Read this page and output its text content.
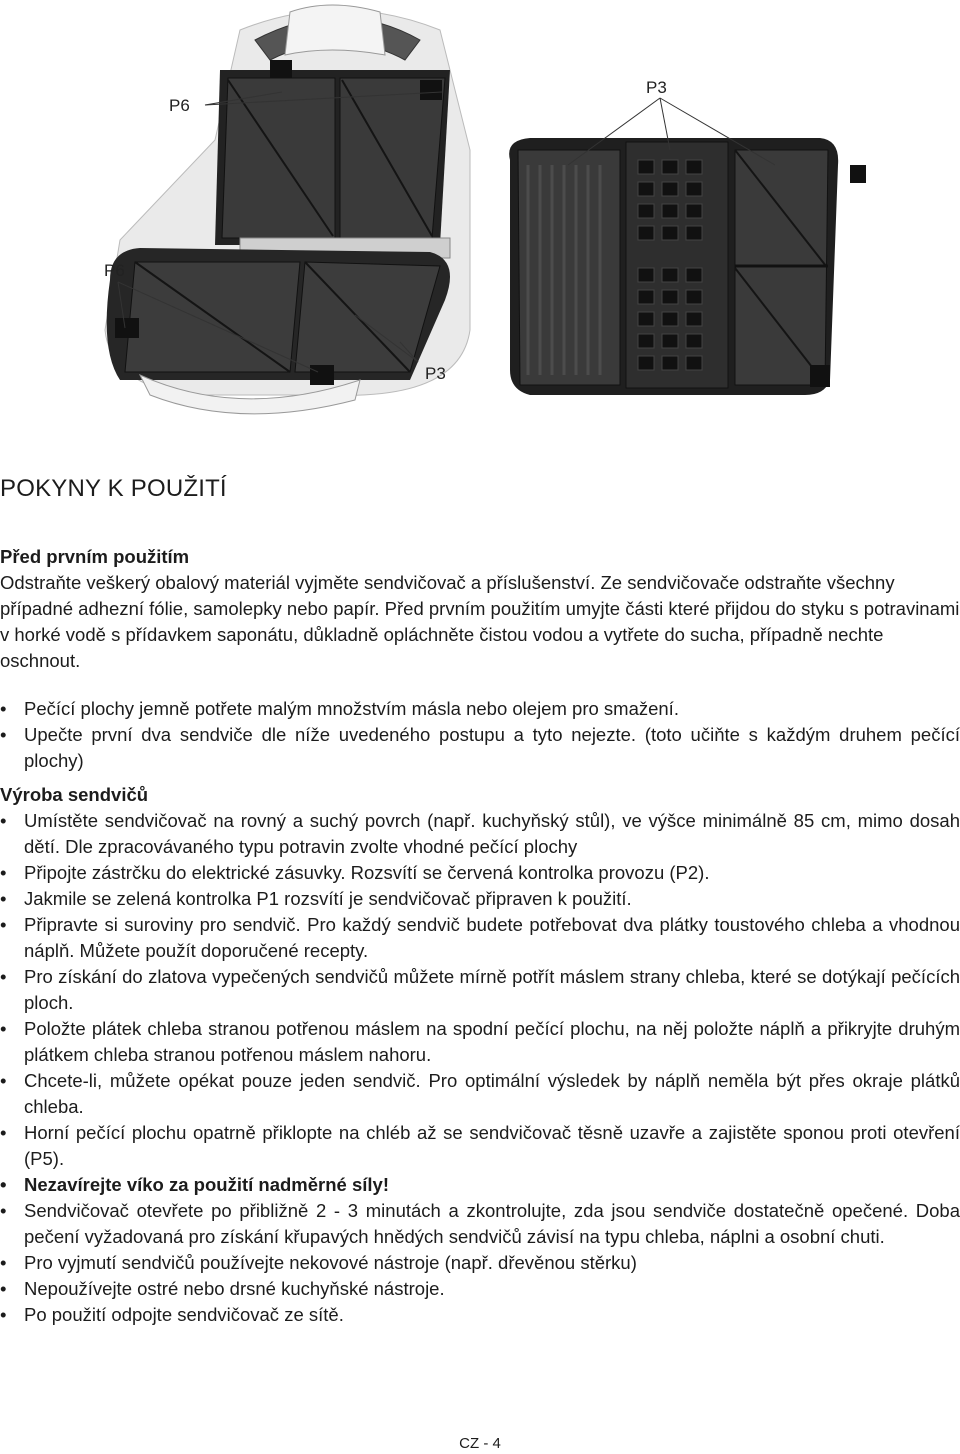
P6
P6
P3
P3
POKYNY K POUŽITÍ
Před prvním použitím

Odstraňte veškerý obalový materiál vyjměte sendvičovač a příslušenství. Ze sendvičovače odstraňte všechny případné adhezní fólie, samolepky nebo papír. Před prvním použitím umyjte části které přijdou do styku s potravinami v horké vodě s přídavkem saponátu, důkladně opláchněte čistou vodou a vytřete do sucha, případně nechte oschnout.

• Pečící plochy jemně potřete malým množstvím másla nebo olejem pro smažení.
• Upečte první dva sendviče dle níže uvedeného postupu a tyto nejezte. (toto učiňte s každým druhem pečící plochy)
Výroba sendvičů
• Umístěte sendvičovač na rovný a suchý povrch (např. kuchyňský stůl), ve výšce minimálně 85 cm, mimo dosah dětí. Dle zpracovávaného typu potravin zvolte vhodné pečící plochy
• Připojte zástrčku do elektrické zásuvky. Rozsvítí se červená kontrolka provozu (P2).
• Jakmile se zelená kontrolka P1 rozsvítí je sendvičovač připraven k použití.
• Připravte si suroviny pro sendvič. Pro každý sendvič budete potřebovat dva plátky toustového chleba a vhodnou náplň. Můžete použít doporučené recepty.
• Pro získání do zlatova vypečených sendvičů můžete mírně potřít máslem strany chleba, které se dotýkají pečících ploch.
• Položte plátek chleba stranou potřenou máslem na spodní pečící plochu, na něj položte náplň a přikryjte druhým plátkem chleba stranou potřenou máslem nahoru.
• Chcete-li, můžete opékat pouze jeden sendvič. Pro optimální výsledek by náplň neměla být přes okraje plátků chleba.
• Horní pečící plochu opatrně přiklopte na chléb až se sendvičovač těsně uzavře a zajistěte sponou proti otevření (P5).
• Nezavírejte víko za použití nadměrné síly!
• Sendvičovač otevřete po přibližně 2 - 3 minutách a zkontrolujte, zda jsou sendviče dostatečně opečené. Doba pečení vyžadovaná pro získání křupavých hnědých sendvičů závisí na typu chleba, náplni a osobní chuti.
• Pro vyjmutí sendvičů používejte nekovové nástroje (např. dřevěnou stěrku)
• Nepoužívejte ostré nebo drsné kuchyňské nástroje.
• Po použití odpojte sendvičovač ze sítě.
CZ - 4
